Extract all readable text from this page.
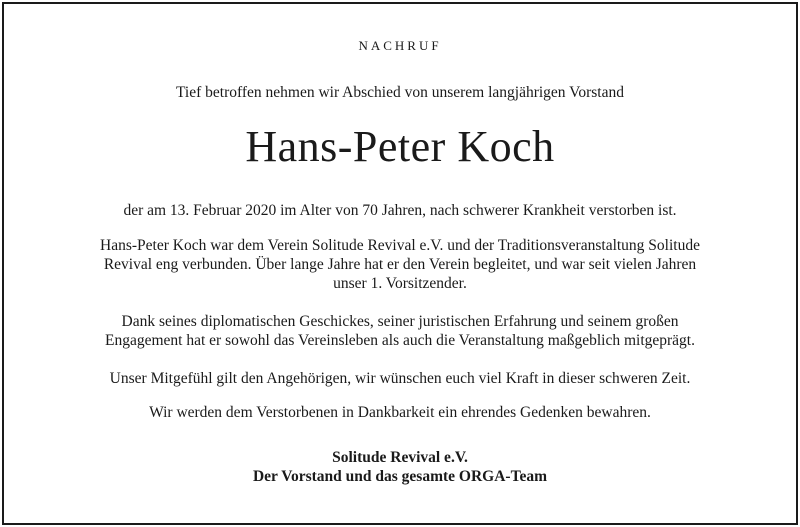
NACHRUF
Tief betroffen nehmen wir Abschied von unserem langjährigen Vorstand
Hans-Peter Koch
der am 13. Februar 2020 im Alter von 70 Jahren, nach schwerer Krankheit verstorben ist.
Hans-Peter Koch war dem Verein Solitude Revival e.V. und der Traditionsveranstaltung Solitude
Revival eng verbunden. Über lange Jahre hat er den Verein begleitet, und war seit vielen Jahren
unser 1. Vorsitzender.
Dank seines diplomatischen Geschickes, seiner juristischen Erfahrung und seinem großen
Engagement hat er sowohl das Vereinsleben als auch die Veranstaltung maßgeblich mitgeprägt.
Unser Mitgefühl gilt den Angehörigen, wir wünschen euch viel Kraft in dieser schweren Zeit.
Wir werden dem Verstorbenen in Dankbarkeit ein ehrendes Gedenken bewahren.
Solitude Revival e.V.
Der Vorstand und das gesamte ORGA-Team
